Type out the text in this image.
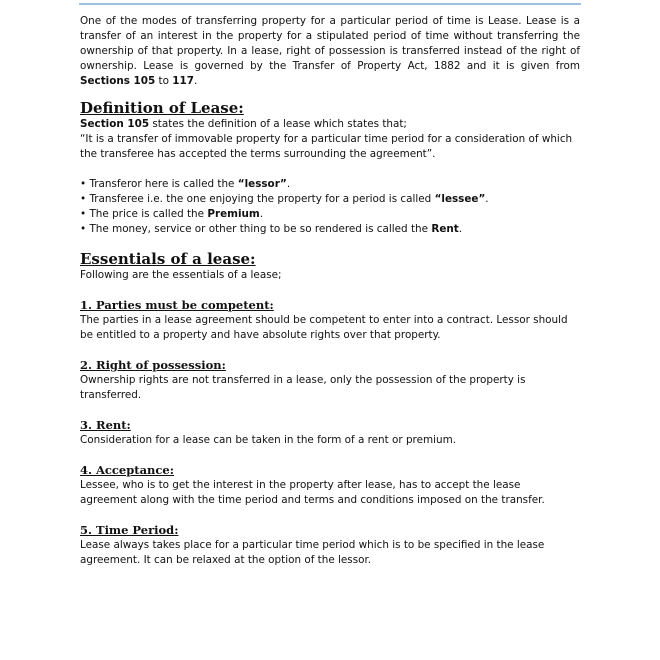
One of the modes of transferring property for a particular period of time is Lease. Lease is a transfer of an interest in the property for a stipulated period of time without transferring the ownership of that property. In a lease, right of possession is transferred instead of the right of ownership. Lease is governed by the Transfer of Property Act, 1882 and it is given from Sections 105 to 117.

Definition of Lease:

Section 105 states the definition of a lease which states that;

“It is a transfer of immovable property for a particular time period for a consideration of which the transferee has accepted the terms surrounding the agreement”.

• Transferor here is called the “lessor”.
• Transferee i.e. the one enjoying the property for a period is called “lessee”.
• The price is called the Premium.
• The money, service or other thing to be so rendered is called the Rent.
Essentials of a lease:

Following are the essentials of a lease;

1. Parties must be competent:

The parties in a lease agreement should be competent to enter into a contract. Lessor should be entitled to a property and have absolute rights over that property.

2. Right of possession:

Ownership rights are not transferred in a lease, only the possession of the property is transferred.

3. Rent:

Consideration for a lease can be taken in the form of a rent or premium.

4. Acceptance:

Lessee, who is to get the interest in the property after lease, has to accept the lease agreement along with the time period and terms and conditions imposed on the transfer.

5. Time Period:

Lease always takes place for a particular time period which is to be specified in the lease agreement. It can be relaxed at the option of the lessor.
